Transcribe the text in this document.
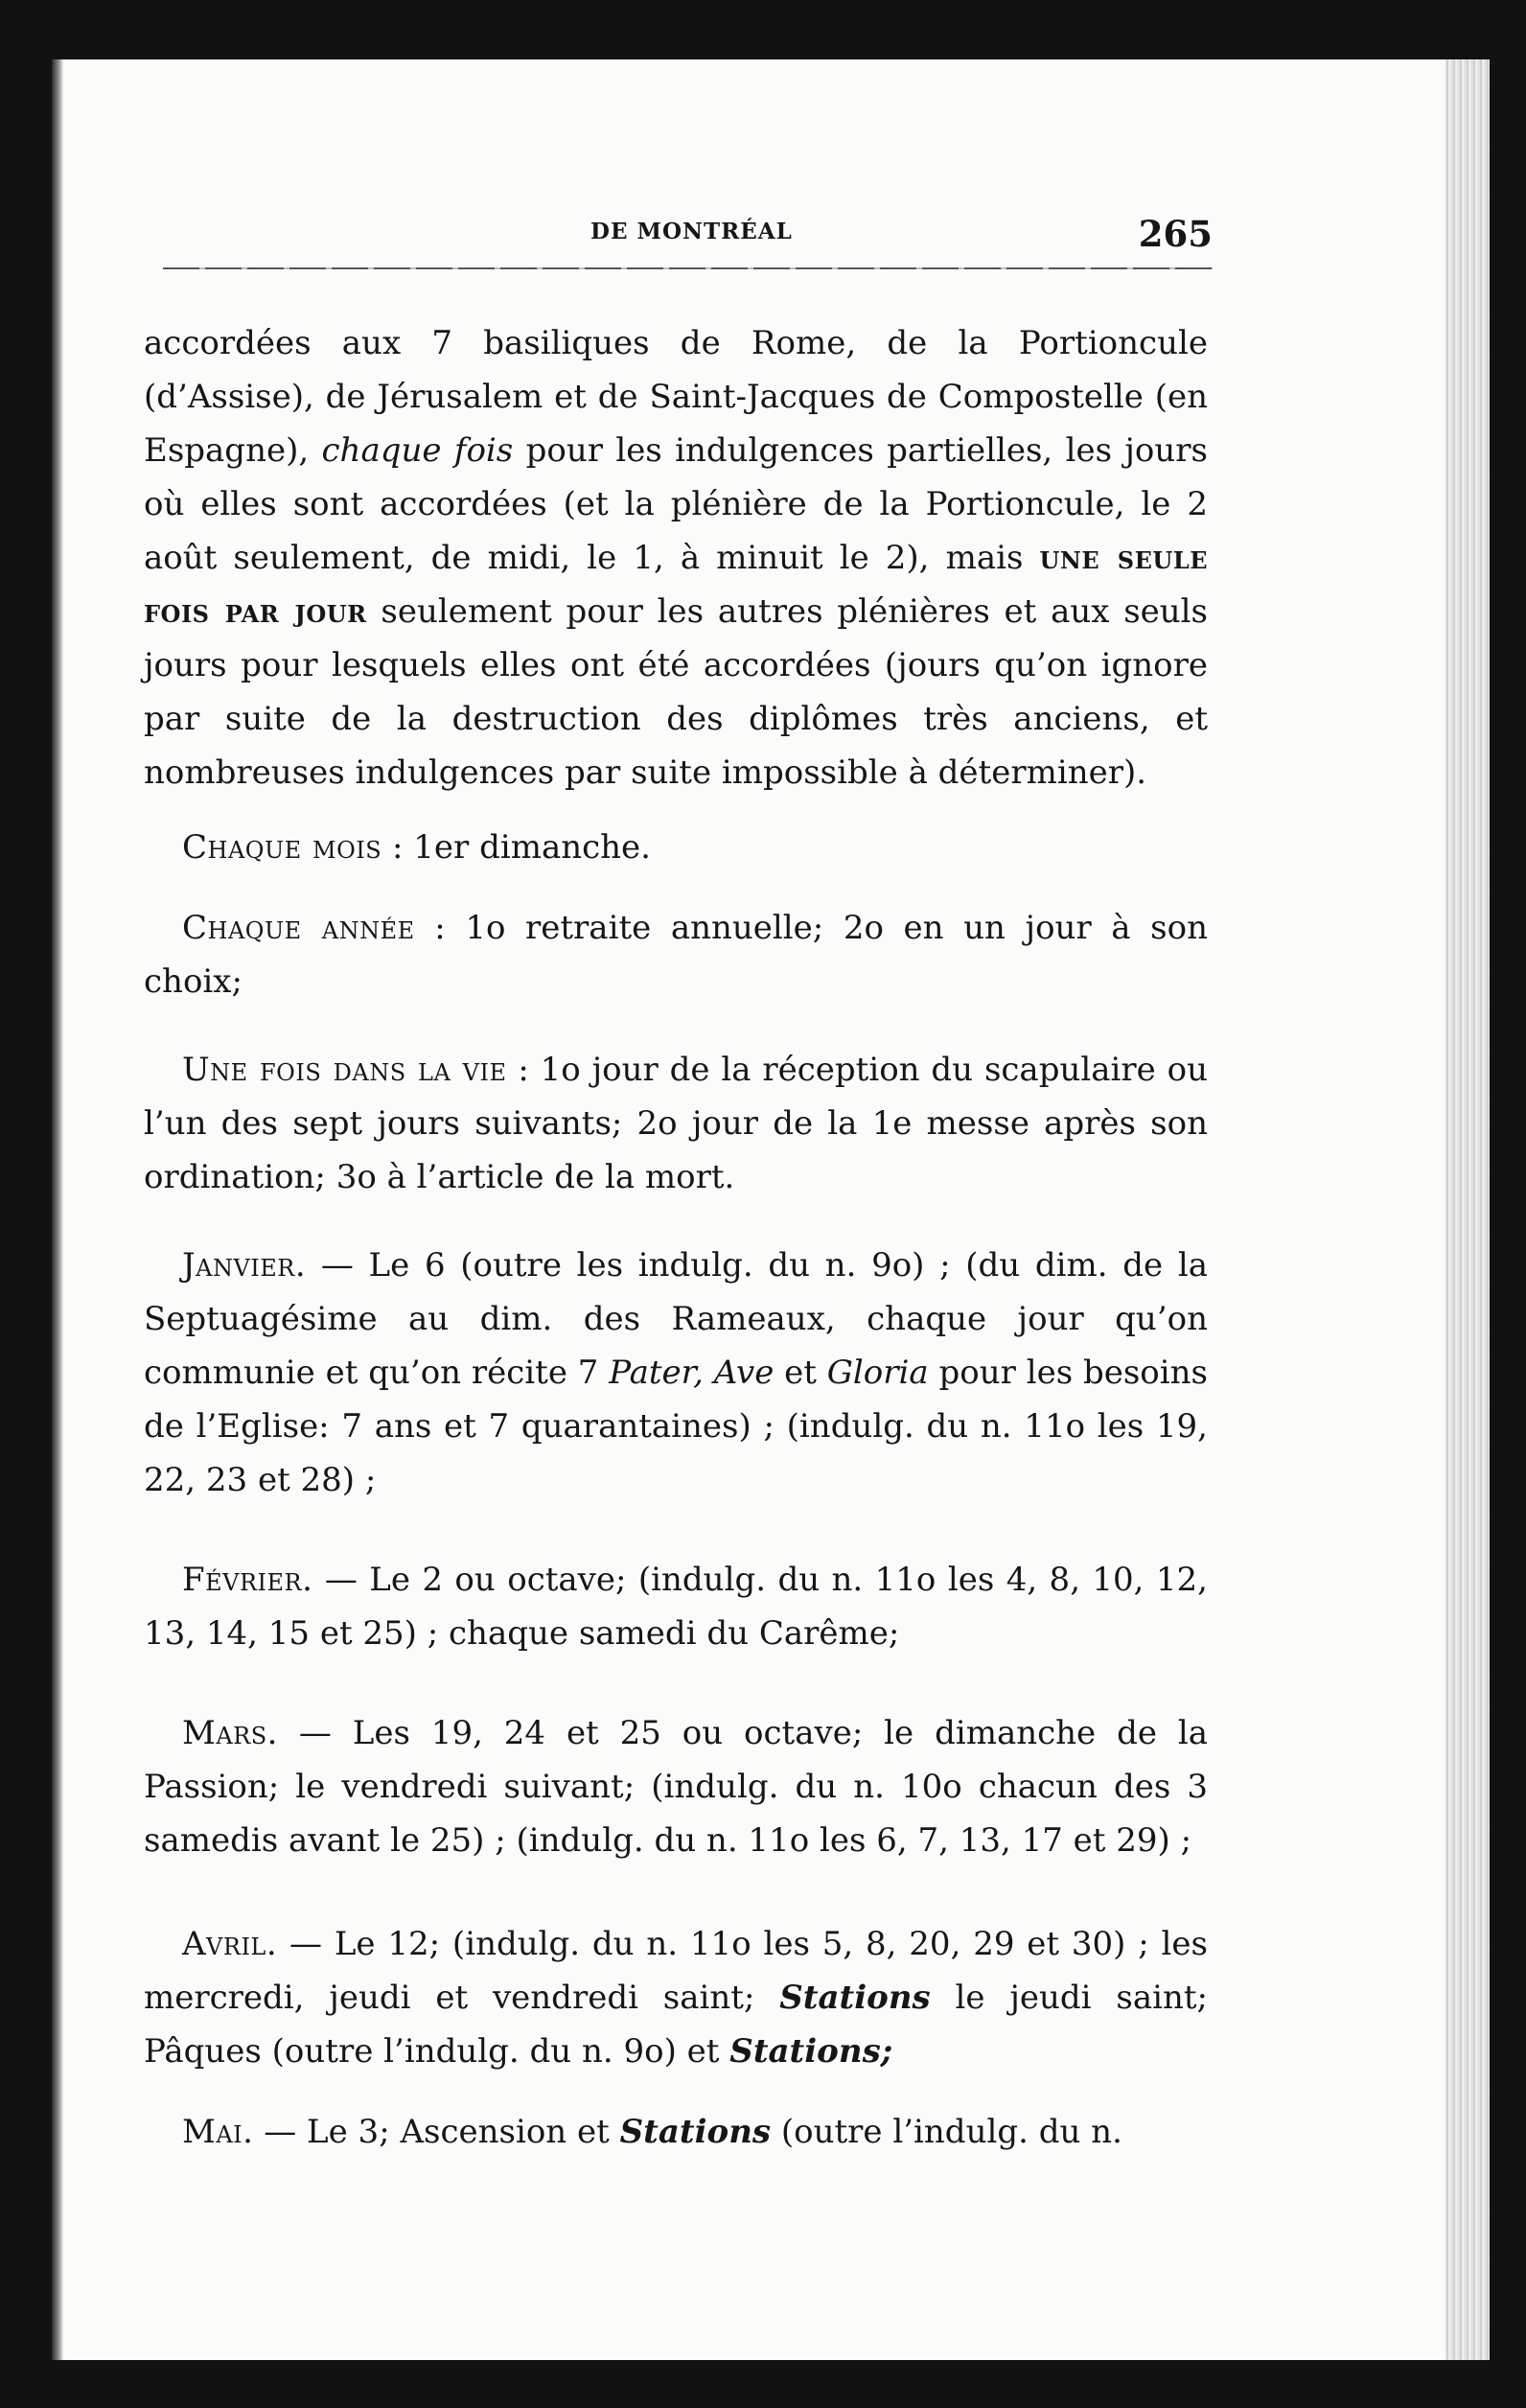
DE MONTRÉAL	265

accordées aux 7 basiliques de Rome, de la Portioncule (d’Assise), de Jérusalem et de Saint-Jacques de Compostelle (en Espagne), chaque fois pour les indulgences partielles, les jours où elles sont accordées (et la plénière de la Portioncule, le 2 août seulement, de midi, le 1, à minuit le 2), mais une seule fois par jour seulement pour les autres plénières et aux seuls jours pour lesquels elles ont été accordées (jours qu’on ignore par suite de la destruction des diplômes très anciens, et nombreuses indulgences par suite impossible à déterminer).

Chaque mois : 1er dimanche.

Chaque année : 1o retraite annuelle; 2o en un jour à son choix;

Une fois dans la vie : 1o jour de la réception du scapulaire ou l’un des sept jours suivants; 2o jour de la 1e messe après son ordination; 3o à l’article de la mort.

Janvier. — Le 6 (outre les indulg. du n. 9o) ; (du dim. de la Septuagésime au dim. des Rameaux, chaque jour qu’on communie et qu’on récite 7 Pater, Ave et Gloria pour les besoins de l’Eglise: 7 ans et 7 quarantaines) ; (indulg. du n. 11o les 19, 22, 23 et 28) ;

Février. — Le 2 ou octave; (indulg. du n. 11o les 4, 8, 10, 12, 13, 14, 15 et 25) ; chaque samedi du Carême;

Mars. — Les 19, 24 et 25 ou octave; le dimanche de la Passion; le vendredi suivant; (indulg. du n. 10o chacun des 3 samedis avant le 25) ; (indulg. du n. 11o les 6, 7, 13, 17 et 29) ;

Avril. — Le 12; (indulg. du n. 11o les 5, 8, 20, 29 et 30) ; les mercredi, jeudi et vendredi saint; Stations le jeudi saint; Pâques (outre l’indulg. du n. 9o) et Stations;

Mai. — Le 3; Ascension et Stations (outre l’indulg. du n.
